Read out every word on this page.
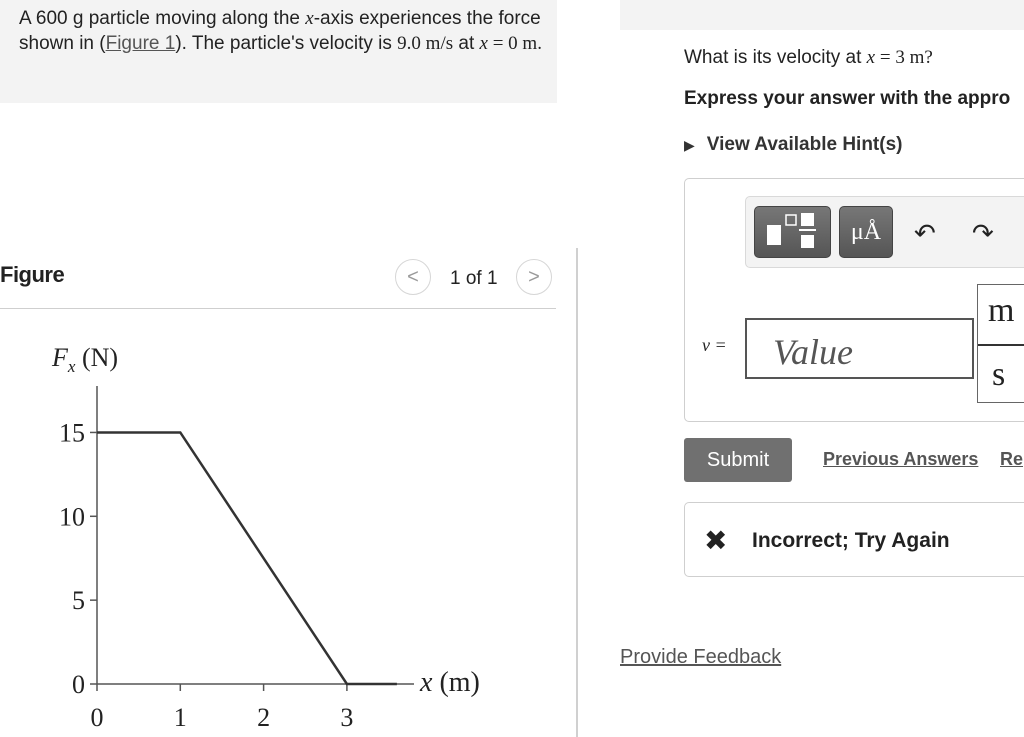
A 600 g particle moving along the x-axis experiences the force shown in (Figure 1). The particle's velocity is 9.0 m/s at x = 0 m.
Figure	<	1 of 1	>
$F_x$ (N)
0
5
10
15
0	1	2	3
x (m)
What is its velocity at x = 3 m?
Express your answer with the appro
▶ View Available Hint(s)
μÅ	↶ ↷
v =
Value
m
s
Submit	Previous Answers Re
✖ Incorrect; Try Again
Provide Feedback
